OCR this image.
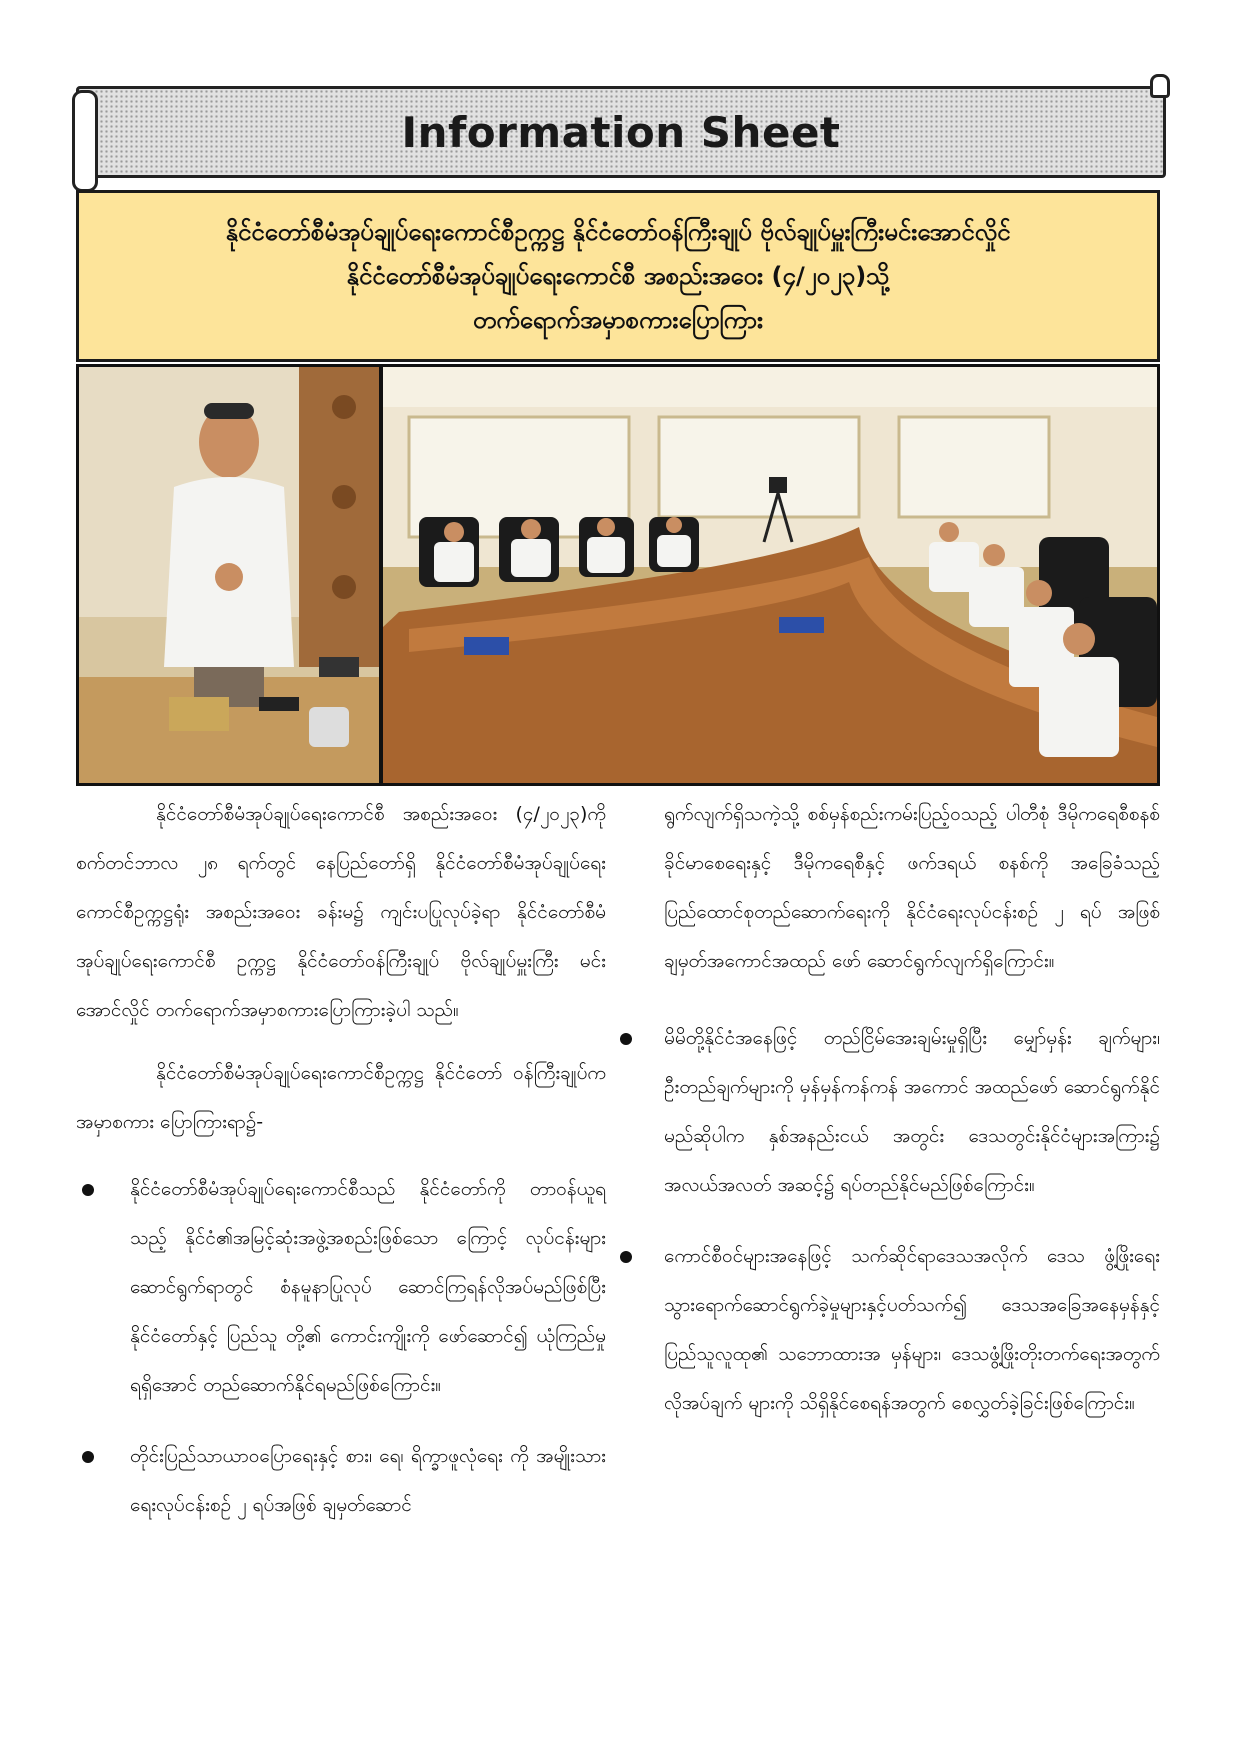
Information Sheet
နိုင်ငံတော်စီမံအုပ်ချုပ်ရေးကောင်စီဥက္ကဋ္ဌ နိုင်ငံတော်ဝန်ကြီးချုပ် ဗိုလ်ချုပ်မှူးကြီးမင်းအောင်လှိုင်
နိုင်ငံတော်စီမံအုပ်ချုပ်ရေးကောင်စီ အစည်းအဝေး (၄/၂၀၂၃)သို့
တက်ရောက်အမှာစကားပြောကြား

နိုင်ငံတော်စီမံအုပ်ချုပ်ရေးကောင်စီ အစည်းအဝေး (၄/၂၀၂၃)ကို စက်တင်ဘာလ ၂၈ ရက်တွင် နေပြည်တော်ရှိ နိုင်ငံတော်စီမံအုပ်ချုပ်ရေးကောင်စီဥက္ကဋ္ဌရုံး အစည်းအဝေး ခန်းမ၌ ကျင်းပပြုလုပ်ခဲ့ရာ နိုင်ငံတော်စီမံအုပ်ချုပ်ရေးကောင်စီ ဥက္ကဋ္ဌ နိုင်ငံတော်ဝန်ကြီးချုပ် ဗိုလ်ချုပ်မှူးကြီး မင်းအောင်လှိုင် တက်ရောက်အမှာစကားပြောကြားခဲ့ပါ သည်။

နိုင်ငံတော်စီမံအုပ်ချုပ်ရေးကောင်စီဥက္ကဋ္ဌ နိုင်ငံတော် ဝန်ကြီးချုပ်က အမှာစကား ပြောကြားရာ၌-

နိုင်ငံတော်စီမံအုပ်ချုပ်ရေးကောင်စီသည် နိုင်ငံတော်ကို တာဝန်ယူရသည့် နိုင်ငံ၏အမြင့်ဆုံးအဖွဲ့အစည်းဖြစ်သော ကြောင့် လုပ်ငန်းများဆောင်ရွက်ရာတွင် စံနမူနာပြုလုပ် ဆောင်ကြရန်လိုအပ်မည်ဖြစ်ပြီး နိုင်ငံတော်နှင့် ပြည်သူ တို့၏ ကောင်းကျိုးကို ဖော်ဆောင်၍ ယုံကြည်မှုရရှိအောင် တည်ဆောက်နိုင်ရမည်ဖြစ်ကြောင်း။
တိုင်းပြည်သာယာဝပြောရေးနှင့် စား၊ ရေ၊ ရိက္ခာဖူလုံရေး ကို အမျိုးသားရေးလုပ်ငန်းစဉ် ၂ ရပ်အဖြစ် ချမှတ်ဆောင်

ရွက်လျက်ရှိသကဲ့သို့ စစ်မှန်စည်းကမ်းပြည့်ဝသည့် ပါတီစုံ ဒီမိုကရေစီစနစ်ခိုင်မာစေရေးနှင့် ဒီမိုကရေစီနှင့် ဖက်ဒရယ် စနစ်ကို အခြေခံသည့် ပြည်ထောင်စုတည်ဆောက်ရေးကို နိုင်ငံရေးလုပ်ငန်းစဉ် ၂ ရပ် အဖြစ် ချမှတ်အကောင်အထည် ဖော် ဆောင်ရွက်လျက်ရှိကြောင်း။

မိမိတို့နိုင်ငံအနေဖြင့် တည်ငြိမ်အေးချမ်းမှုရှိပြီး မျှော်မှန်း ချက်များ၊ ဦးတည်ချက်များကို မှန်မှန်ကန်ကန် အကောင် အထည်ဖော် ဆောင်ရွက်နိုင်မည်ဆိုပါက နှစ်အနည်းငယ် အတွင်း ဒေသတွင်းနိုင်ငံများအကြား၌ အလယ်အလတ် အဆင့်၌ ရပ်တည်နိုင်မည်ဖြစ်ကြောင်း။
ကောင်စီဝင်များအနေဖြင့် သက်ဆိုင်ရာဒေသအလိုက် ဒေသ ဖွံ့ဖြိုးရေး သွားရောက်ဆောင်ရွက်ခဲ့မှုများနှင့်ပတ်သက်၍ ဒေသအခြေအနေမှန်နှင့် ပြည်သူလူထု၏ သဘောထားအ မှန်များ၊ ဒေသဖွံ့ဖြိုးတိုးတက်ရေးအတွက် လိုအပ်ချက် များကို သိရှိနိုင်စေရန်အတွက် စေလွှတ်ခဲ့ခြင်းဖြစ်ကြောင်း။
